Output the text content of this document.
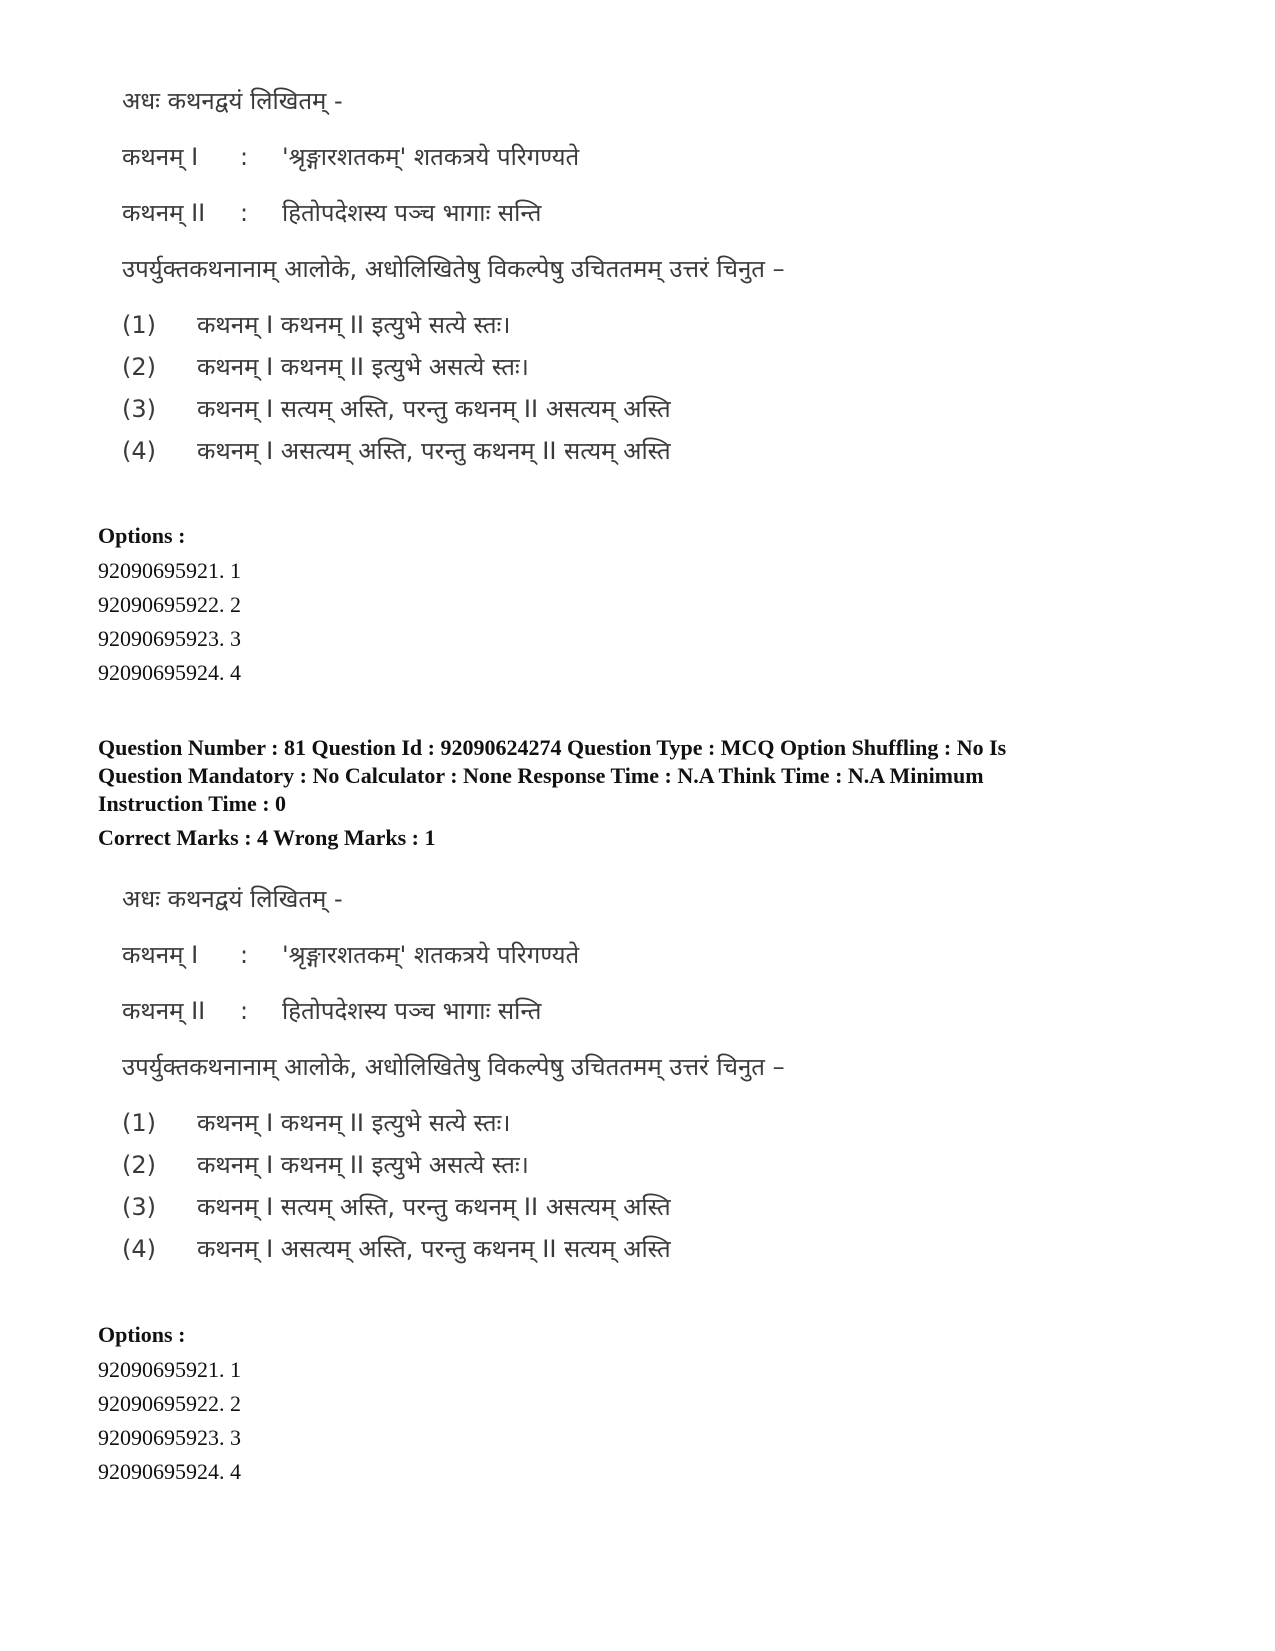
अधः कथनद्वयं लिखितम् -
कथनम् I : 'श्रृङ्गारशतकम्' शतकत्रये परिगण्यते
कथनम् II : हितोपदेशस्य पञ्च भागाः सन्ति
उपर्युक्तकथनानाम् आलोके, अधोलिखितेषु विकल्पेषु उचिततमम् उत्तरं चिनुत –
(1) कथनम् I कथनम् II इत्युभे सत्ये स्तः।
(2) कथनम् I कथनम् II इत्युभे असत्ये स्तः।
(3) कथनम् I सत्यम् अस्ति, परन्तु कथनम् II असत्यम् अस्ति
(4) कथनम् I असत्यम् अस्ति, परन्तु कथनम् II सत्यम् अस्ति
Options :
92090695921. 1
92090695922. 2
92090695923. 3
92090695924. 4
Question Number : 81 Question Id : 92090624274 Question Type : MCQ Option Shuffling : No Is
Question Mandatory : No Calculator : None Response Time : N.A Think Time : N.A Minimum
Instruction Time : 0
Correct Marks : 4 Wrong Marks : 1
अधः कथनद्वयं लिखितम् -
कथनम् I : 'श्रृङ्गारशतकम्' शतकत्रये परिगण्यते
कथनम् II : हितोपदेशस्य पञ्च भागाः सन्ति
उपर्युक्तकथनानाम् आलोके, अधोलिखितेषु विकल्पेषु उचिततमम् उत्तरं चिनुत –
(1) कथनम् I कथनम् II इत्युभे सत्ये स्तः।
(2) कथनम् I कथनम् II इत्युभे असत्ये स्तः।
(3) कथनम् I सत्यम् अस्ति, परन्तु कथनम् II असत्यम् अस्ति
(4) कथनम् I असत्यम् अस्ति, परन्तु कथनम् II सत्यम् अस्ति
Options :
92090695921. 1
92090695922. 2
92090695923. 3
92090695924. 4
